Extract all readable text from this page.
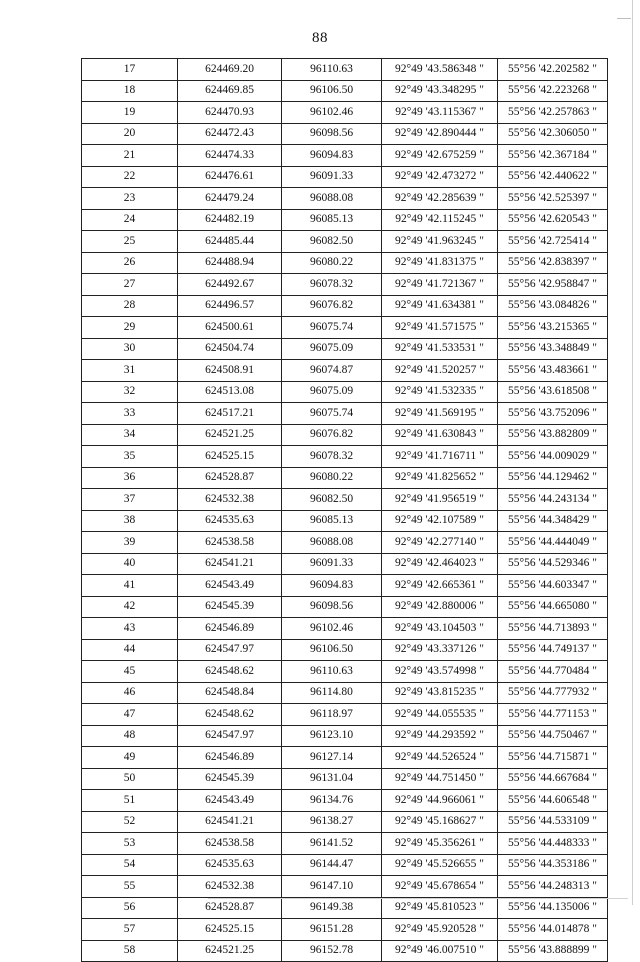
88
17	624469.20	96110.63	92°49 '43.586348 "	55°56 '42.202582 "
18	624469.85	96106.50	92°49 '43.348295 "	55°56 '42.223268 "
19	624470.93	96102.46	92°49 '43.115367 "	55°56 '42.257863 "
20	624472.43	96098.56	92°49 '42.890444 "	55°56 '42.306050 "
21	624474.33	96094.83	92°49 '42.675259 "	55°56 '42.367184 "
22	624476.61	96091.33	92°49 '42.473272 "	55°56 '42.440622 "
23	624479.24	96088.08	92°49 '42.285639 "	55°56 '42.525397 "
24	624482.19	96085.13	92°49 '42.115245 "	55°56 '42.620543 "
25	624485.44	96082.50	92°49 '41.963245 "	55°56 '42.725414 "
26	624488.94	96080.22	92°49 '41.831375 "	55°56 '42.838397 "
27	624492.67	96078.32	92°49 '41.721367 "	55°56 '42.958847 "
28	624496.57	96076.82	92°49 '41.634381 "	55°56 '43.084826 "
29	624500.61	96075.74	92°49 '41.571575 "	55°56 '43.215365 "
30	624504.74	96075.09	92°49 '41.533531 "	55°56 '43.348849 "
31	624508.91	96074.87	92°49 '41.520257 "	55°56 '43.483661 "
32	624513.08	96075.09	92°49 '41.532335 "	55°56 '43.618508 "
33	624517.21	96075.74	92°49 '41.569195 "	55°56 '43.752096 "
34	624521.25	96076.82	92°49 '41.630843 "	55°56 '43.882809 "
35	624525.15	96078.32	92°49 '41.716711 "	55°56 '44.009029 "
36	624528.87	96080.22	92°49 '41.825652 "	55°56 '44.129462 "
37	624532.38	96082.50	92°49 '41.956519 "	55°56 '44.243134 "
38	624535.63	96085.13	92°49 '42.107589 "	55°56 '44.348429 "
39	624538.58	96088.08	92°49 '42.277140 "	55°56 '44.444049 "
40	624541.21	96091.33	92°49 '42.464023 "	55°56 '44.529346 "
41	624543.49	96094.83	92°49 '42.665361 "	55°56 '44.603347 "
42	624545.39	96098.56	92°49 '42.880006 "	55°56 '44.665080 "
43	624546.89	96102.46	92°49 '43.104503 "	55°56 '44.713893 "
44	624547.97	96106.50	92°49 '43.337126 "	55°56 '44.749137 "
45	624548.62	96110.63	92°49 '43.574998 "	55°56 '44.770484 "
46	624548.84	96114.80	92°49 '43.815235 "	55°56 '44.777932 "
47	624548.62	96118.97	92°49 '44.055535 "	55°56 '44.771153 "
48	624547.97	96123.10	92°49 '44.293592 "	55°56 '44.750467 "
49	624546.89	96127.14	92°49 '44.526524 "	55°56 '44.715871 "
50	624545.39	96131.04	92°49 '44.751450 "	55°56 '44.667684 "
51	624543.49	96134.76	92°49 '44.966061 "	55°56 '44.606548 "
52	624541.21	96138.27	92°49 '45.168627 "	55°56 '44.533109 "
53	624538.58	96141.52	92°49 '45.356261 "	55°56 '44.448333 "
54	624535.63	96144.47	92°49 '45.526655 "	55°56 '44.353186 "
55	624532.38	96147.10	92°49 '45.678654 "	55°56 '44.248313 "
56	624528.87	96149.38	92°49 '45.810523 "	55°56 '44.135006 "
57	624525.15	96151.28	92°49 '45.920528 "	55°56 '44.014878 "
58	624521.25	96152.78	92°49 '46.007510 "	55°56 '43.888899 "
